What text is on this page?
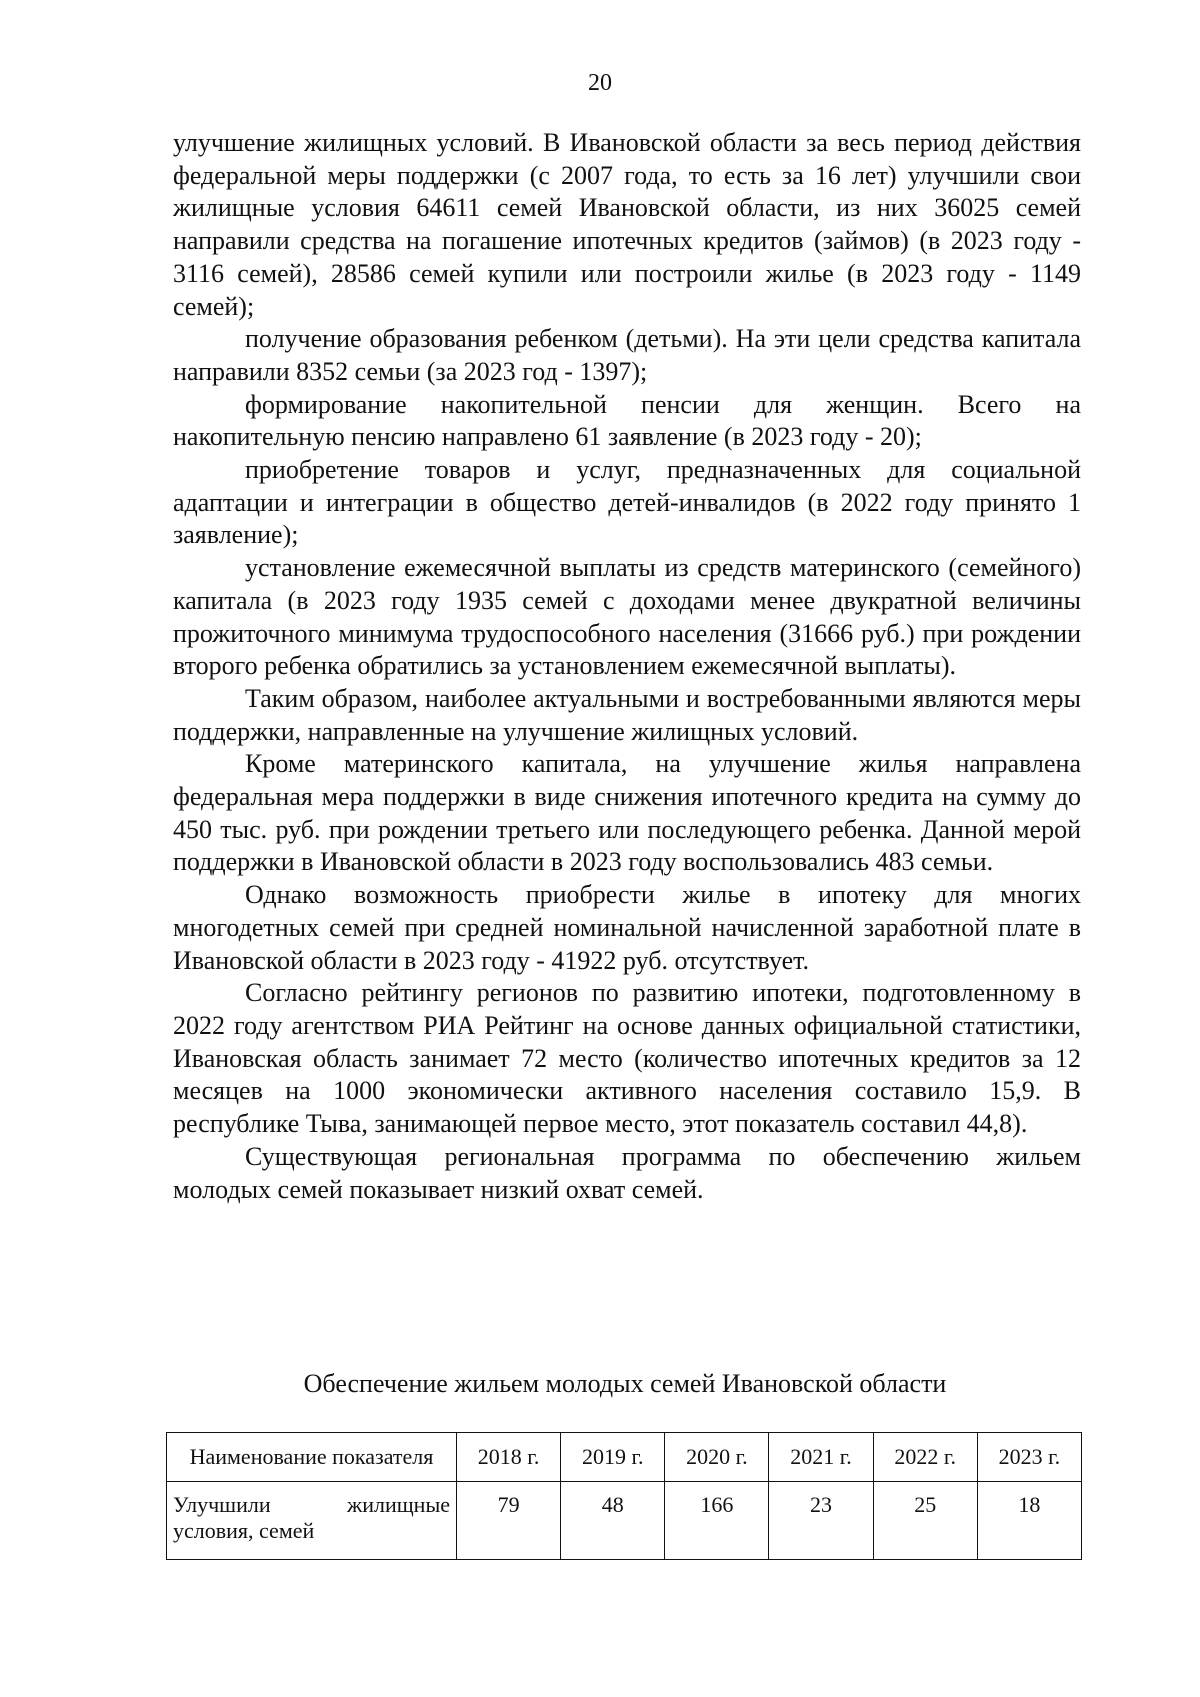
20

улучшение жилищных условий. В Ивановской области за весь период действия федеральной меры поддержки (с 2007 года, то есть за 16 лет) улучшили свои жилищные условия 64611 семей Ивановской области, из них 36025 семей направили средства на погашение ипотечных кредитов (займов) (в 2023 году - 3116 семей), 28586 семей купили или построили жилье (в 2023 году - 1149 семей);

получение образования ребенком (детьми). На эти цели средства капитала направили 8352 семьи (за 2023 год - 1397);

формирование накопительной пенсии для женщин. Всего на накопительную пенсию направлено 61 заявление (в 2023 году - 20);

приобретение товаров и услуг, предназначенных для социальной адаптации и интеграции в общество детей-инвалидов (в 2022 году принято 1 заявление);

установление ежемесячной выплаты из средств материнского (семейного) капитала (в 2023 году 1935 семей с доходами менее двукратной величины прожиточного минимума трудоспособного населения (31666 руб.) при рождении второго ребенка обратились за установлением ежемесячной выплаты).

Таким образом, наиболее актуальными и востребованными являются меры поддержки, направленные на улучшение жилищных условий.

Кроме материнского капитала, на улучшение жилья направлена федеральная мера поддержки в виде снижения ипотечного кредита на сумму до 450 тыс. руб. при рождении третьего или последующего ребенка. Данной мерой поддержки в Ивановской области в 2023 году воспользовались 483 семьи.

Однако возможность приобрести жилье в ипотеку для многих многодетных семей при средней номинальной начисленной заработной плате в Ивановской области в 2023 году - 41922 руб. отсутствует.

Согласно рейтингу регионов по развитию ипотеки, подготовленному в 2022 году агентством РИА Рейтинг на основе данных официальной статистики, Ивановская область занимает 72 место (количество ипотечных кредитов за 12 месяцев на 1000 экономически активного населения составило 15,9. В республике Тыва, занимающей первое место, этот показатель составил 44,8).

Существующая региональная программа по обеспечению жильем молодых семей показывает низкий охват семей.

Обеспечение жильем молодых семей Ивановской области
Наименование показателя	2018 г.	2019 г.	2020 г.	2021 г.	2022 г.	2023 г.
Улучшили жилищные условия, семей	79	48	166	23	25	18
